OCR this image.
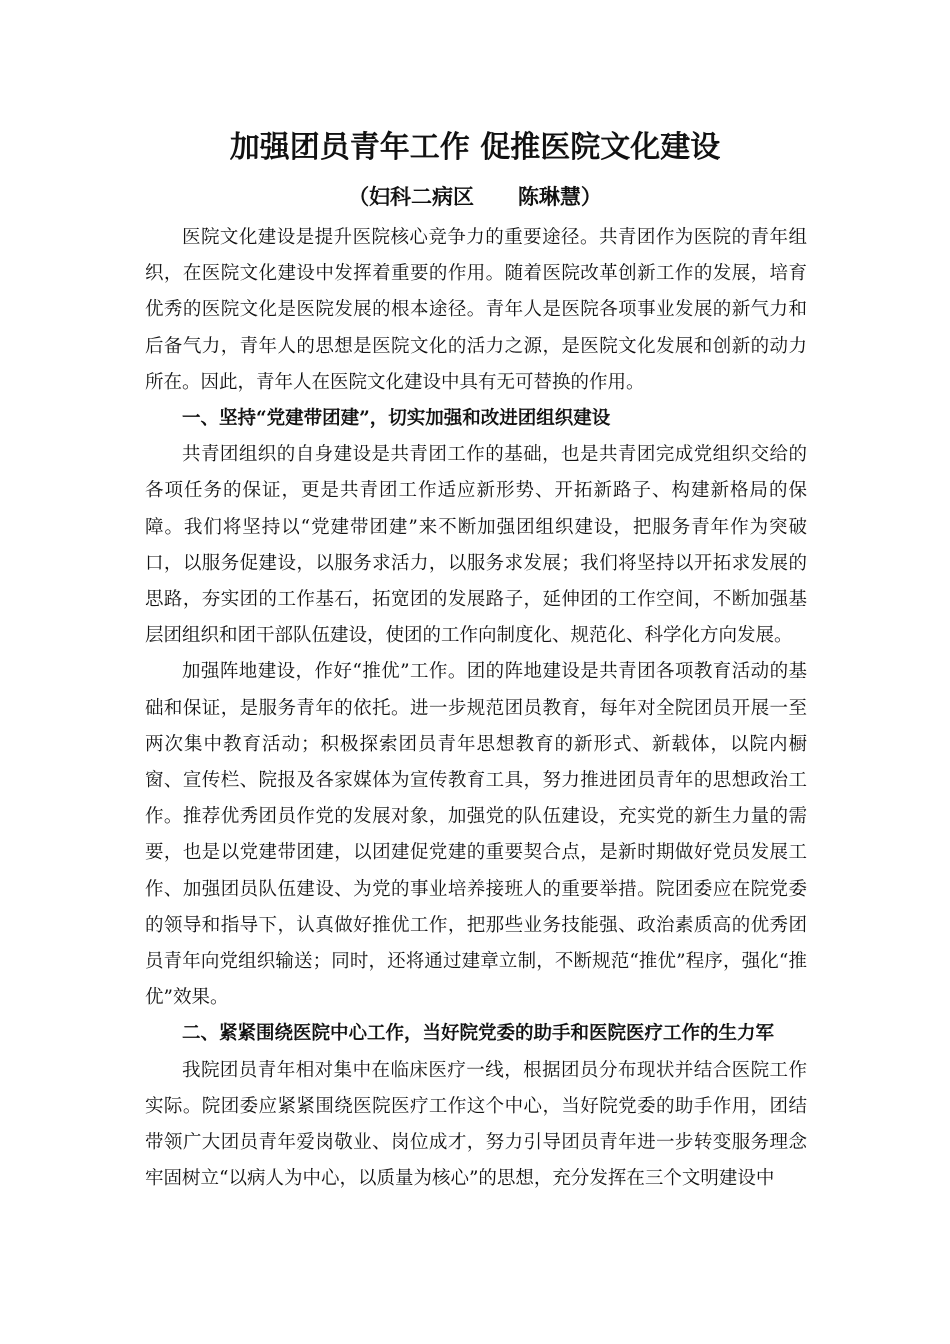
加强团员青年工作 促推医院文化建设
（妇科二病区      陈琳慧）

医院文化建设是提升医院核心竞争力的重要途径。共青团作为医院的青年组织，在医院文化建设中发挥着重要的作用。随着医院改革创新工作的发展，培育优秀的医院文化是医院发展的根本途径。青年人是医院各项事业发展的新气力和后备气力，青年人的思想是医院文化的活力之源，是医院文化发展和创新的动力所在。因此，青年人在医院文化建设中具有无可替换的作用。

一、坚持“党建带团建”，切实加强和改进团组织建设

共青团组织的自身建设是共青团工作的基础，也是共青团完成党组织交给的各项任务的保证，更是共青团工作适应新形势、开拓新路子、构建新格局的保障。我们将坚持以“党建带团建”来不断加强团组织建设，把服务青年作为突破口，以服务促建设，以服务求活力，以服务求发展；我们将坚持以开拓求发展的思路，夯实团的工作基石，拓宽团的发展路子，延伸团的工作空间，不断加强基层团组织和团干部队伍建设，使团的工作向制度化、规范化、科学化方向发展。

加强阵地建设，作好“推优”工作。团的阵地建设是共青团各项教育活动的基础和保证，是服务青年的依托。进一步规范团员教育，每年对全院团员开展一至两次集中教育活动；积极探索团员青年思想教育的新形式、新载体，以院内橱窗、宣传栏、院报及各家媒体为宣传教育工具，努力推进团员青年的思想政治工作。推荐优秀团员作党的发展对象，加强党的队伍建设，充实党的新生力量的需要，也是以党建带团建，以团建促党建的重要契合点，是新时期做好党员发展工作、加强团员队伍建设、为党的事业培养接班人的重要举措。院团委应在院党委的领导和指导下，认真做好推优工作，把那些业务技能强、政治素质高的优秀团员青年向党组织输送；同时，还将通过建章立制，不断规范“推优”程序，强化“推优”效果。

二、紧紧围绕医院中心工作，当好院党委的助手和医院医疗工作的生力军

我院团员青年相对集中在临床医疗一线，根据团员分布现状并结合医院工作实际。院团委应紧紧围绕医院医疗工作这个中心，当好院党委的助手作用，团结带领广大团员青年爱岗敬业、岗位成才，努力引导团员青年进一步转变服务理念牢固树立“以病人为中心，以质量为核心”的思想，充分发挥在三个文明建设中
